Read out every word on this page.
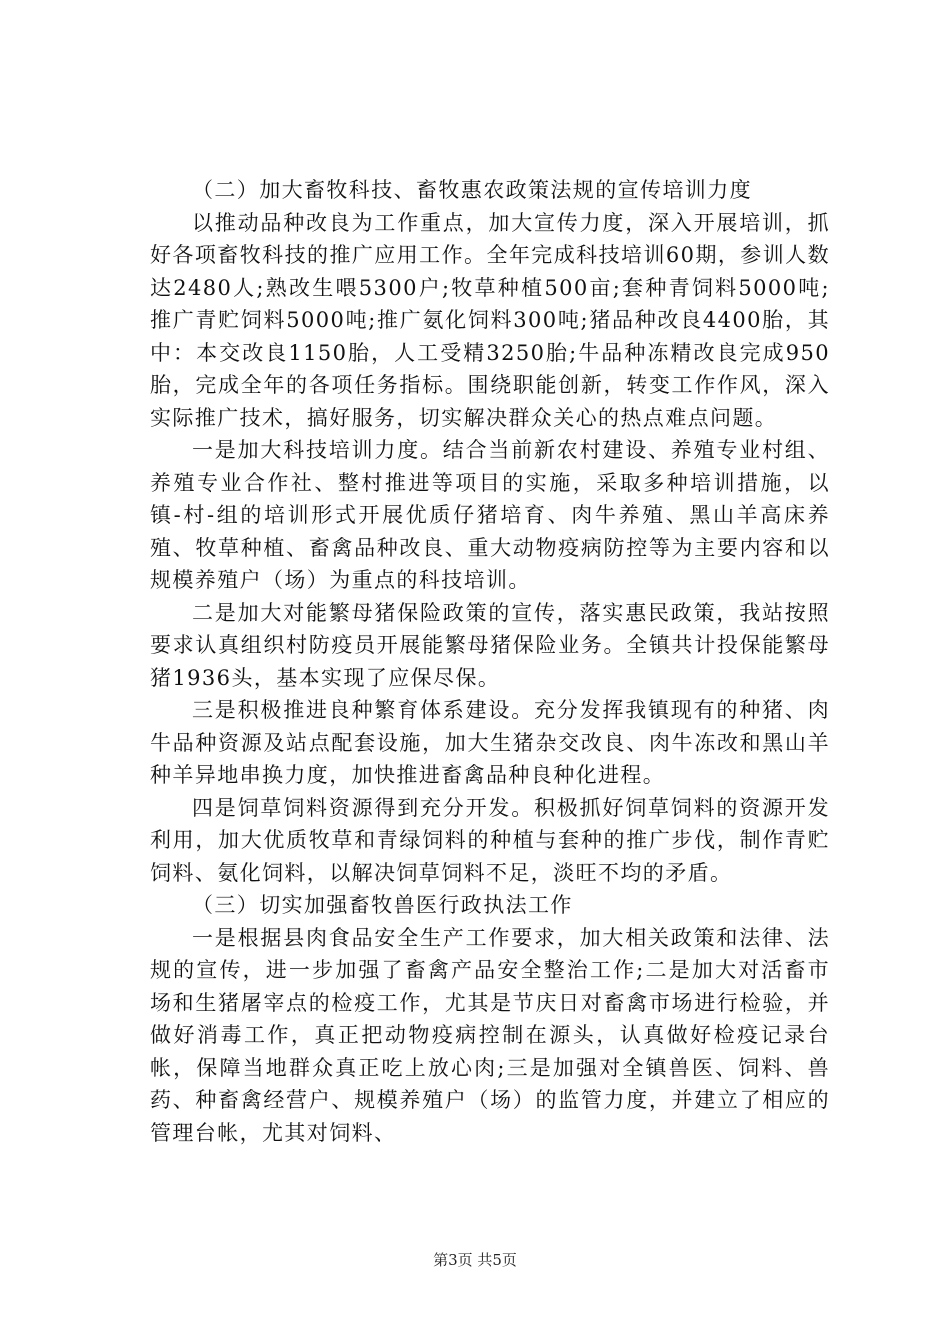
（二）加大畜牧科技、畜牧惠农政策法规的宣传培训力度

以推动品种改良为工作重点，加大宣传力度，深入开展培训，抓好各项畜牧科技的推广应用工作。全年完成科技培训60期，参训人数达2480人;熟改生喂5300户;牧草种植500亩;套种青饲料5000吨;推广青贮饲料5000吨;推广氨化饲料300吨;猪品种改良4400胎，其中：本交改良1150胎，人工受精3250胎;牛品种冻精改良完成950胎，完成全年的各项任务指标。围绕职能创新，转变工作作风，深入实际推广技术，搞好服务，切实解决群众关心的热点难点问题。

一是加大科技培训力度。结合当前新农村建设、养殖专业村组、养殖专业合作社、整村推进等项目的实施，采取多种培训措施，以镇-村-组的培训形式开展优质仔猪培育、肉牛养殖、黑山羊高床养殖、牧草种植、畜禽品种改良、重大动物疫病防控等为主要内容和以规模养殖户（场）为重点的科技培训。

二是加大对能繁母猪保险政策的宣传，落实惠民政策，我站按照要求认真组织村防疫员开展能繁母猪保险业务。全镇共计投保能繁母猪1936头，基本实现了应保尽保。

三是积极推进良种繁育体系建设。充分发挥我镇现有的种猪、肉牛品种资源及站点配套设施，加大生猪杂交改良、肉牛冻改和黑山羊种羊异地串换力度，加快推进畜禽品种良种化进程。

四是饲草饲料资源得到充分开发。积极抓好饲草饲料的资源开发利用，加大优质牧草和青绿饲料的种植与套种的推广步伐，制作青贮饲料、氨化饲料，以解决饲草饲料不足，淡旺不均的矛盾。

（三）切实加强畜牧兽医行政执法工作

一是根据县肉食品安全生产工作要求，加大相关政策和法律、法规的宣传，进一步加强了畜禽产品安全整治工作;二是加大对活畜市场和生猪屠宰点的检疫工作，尤其是节庆日对畜禽市场进行检验，并做好消毒工作，真正把动物疫病控制在源头，认真做好检疫记录台帐，保障当地群众真正吃上放心肉;三是加强对全镇兽医、饲料、兽药、种畜禽经营户、规模养殖户（场）的监管力度，并建立了相应的管理台帐，尤其对饲料、

第3页 共5页
